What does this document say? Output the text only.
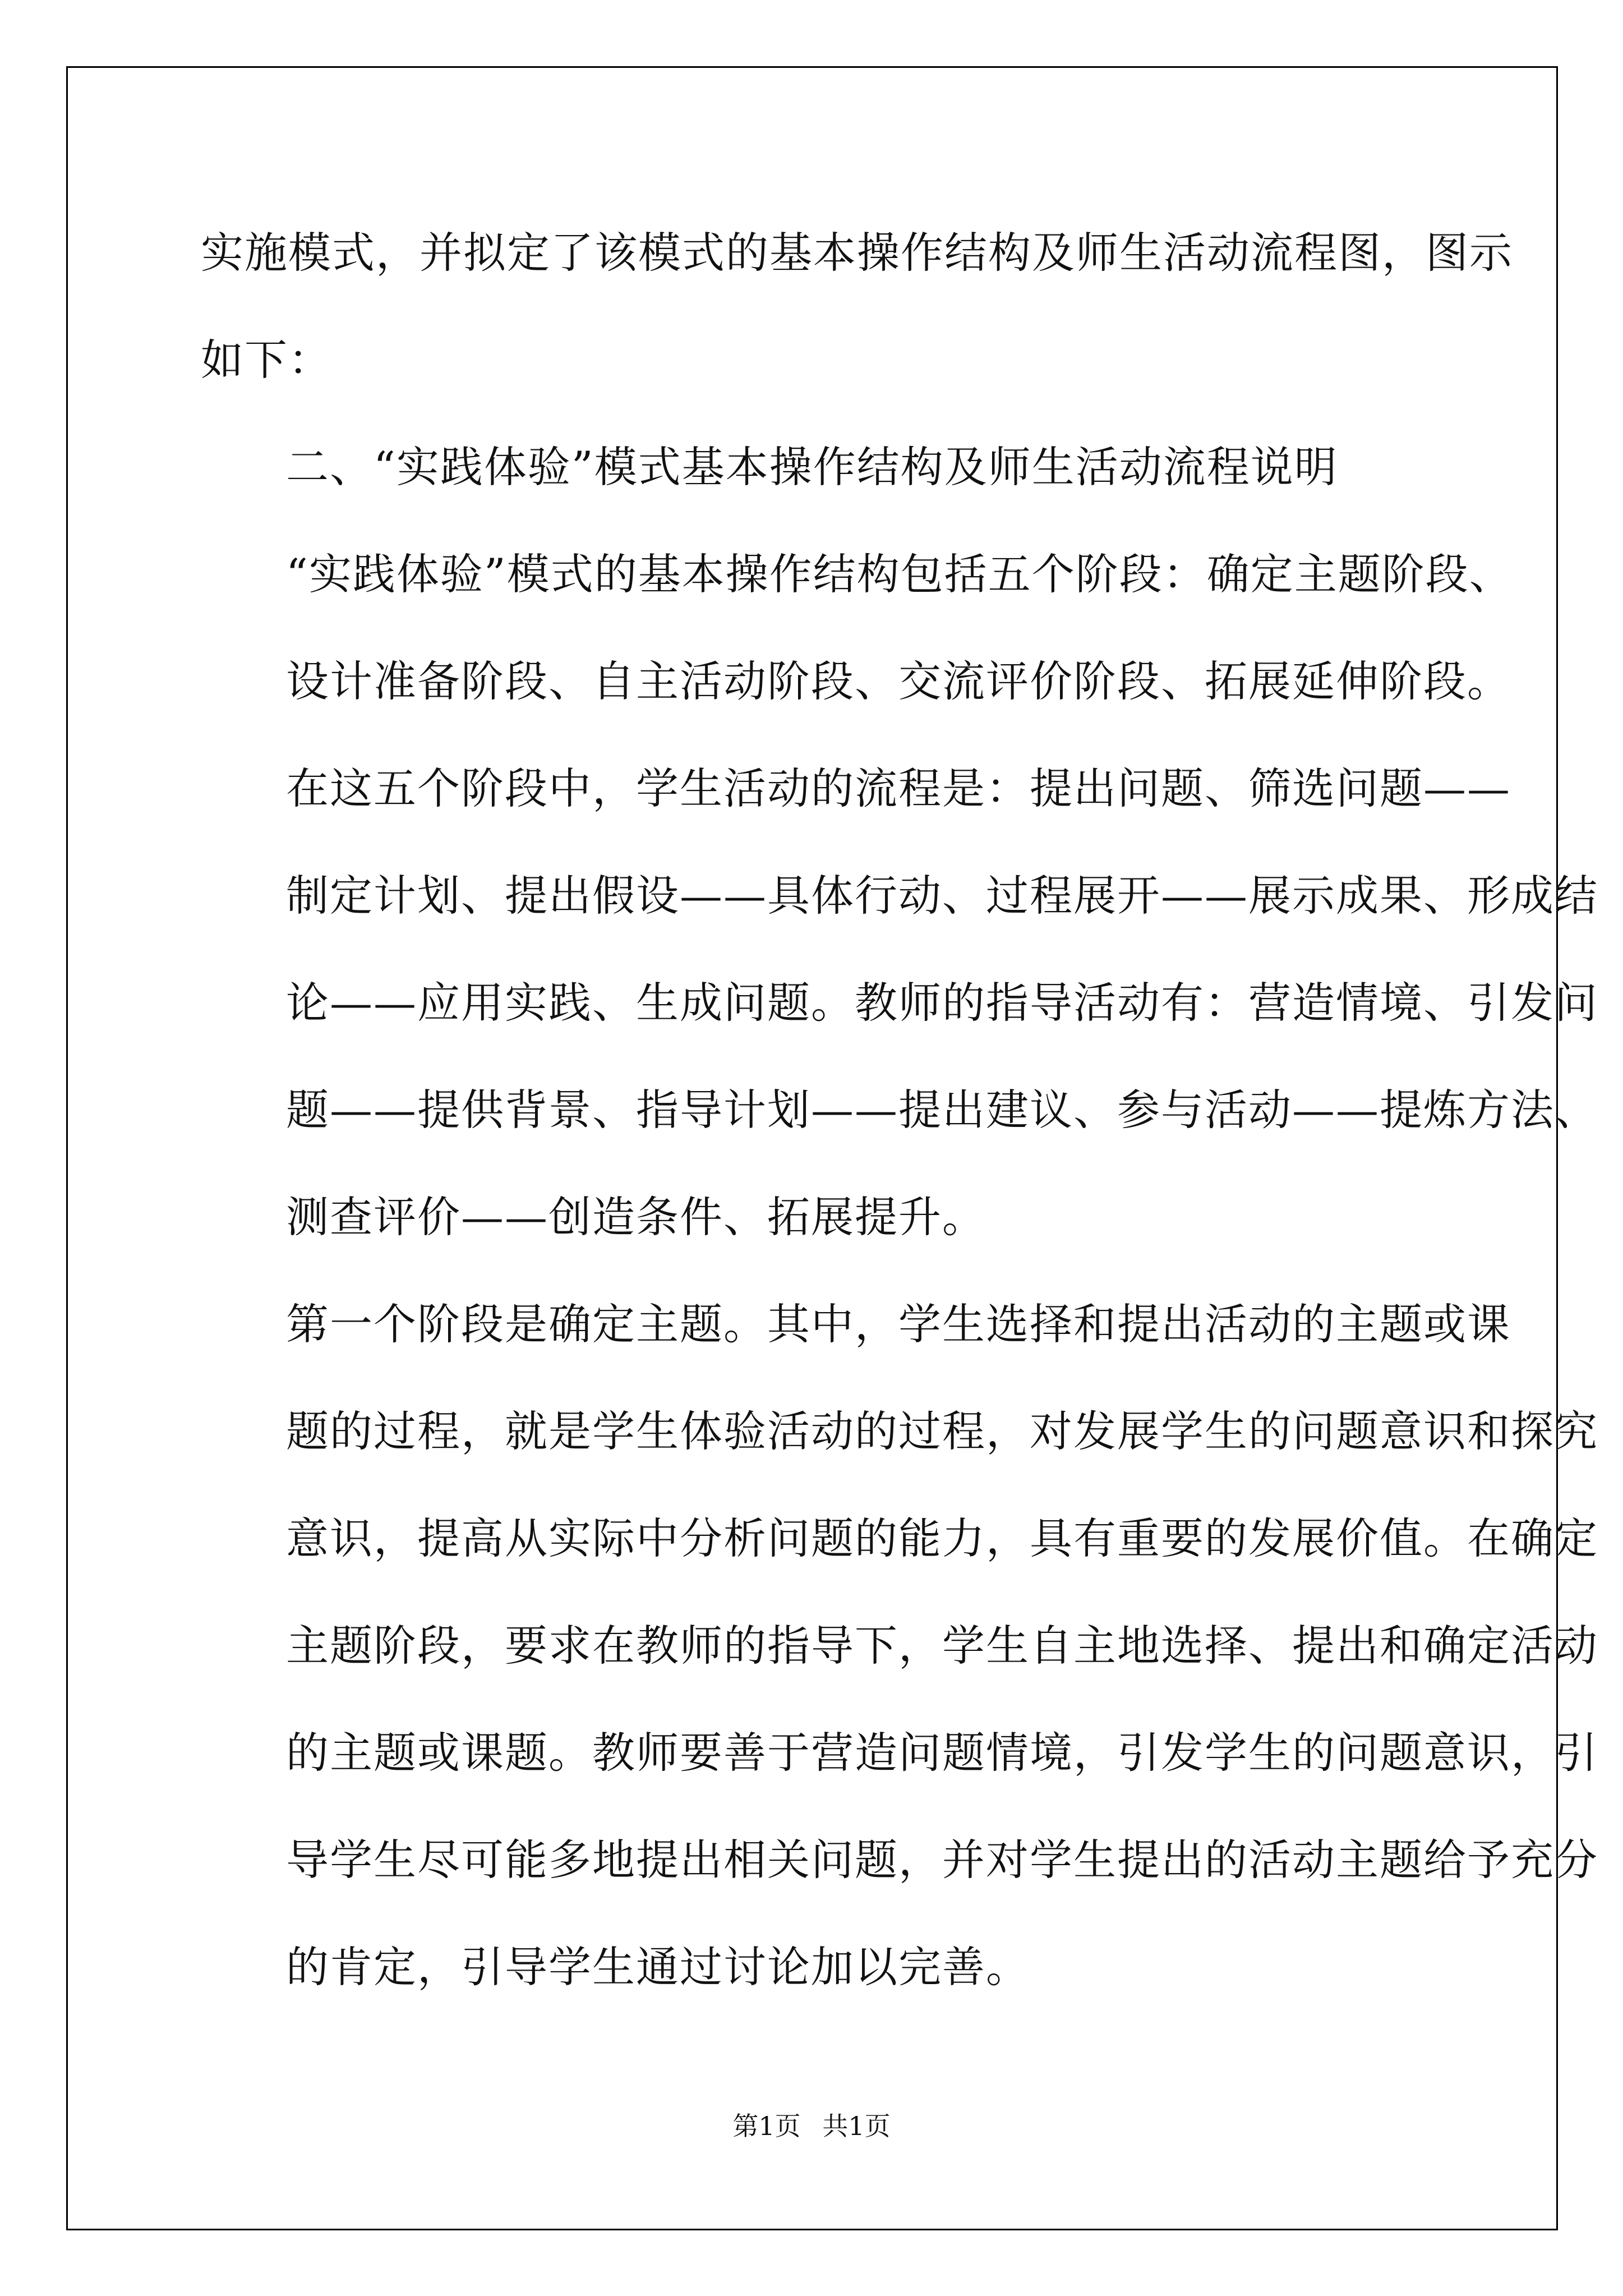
实施模式，并拟定了该模式的基本操作结构及师生活动流程图，图示
如下：

二、“实践体验”模式基本操作结构及师生活动流程说明

“实践体验”模式的基本操作结构包括五个阶段：确定主题阶段、
设计准备阶段、自主活动阶段、交流评价阶段、拓展延伸阶段。

在这五个阶段中，学生活动的流程是：提出问题、筛选问题——
制定计划、提出假设——具体行动、过程展开——展示成果、形成结
论——应用实践、生成问题。教师的指导活动有：营造情境、引发问
题——提供背景、指导计划——提出建议、参与活动——提炼方法、
测查评价——创造条件、拓展提升。

第一个阶段是确定主题。其中，学生选择和提出活动的主题或课
题的过程，就是学生体验活动的过程，对发展学生的问题意识和探究
意识，提高从实际中分析问题的能力，具有重要的发展价值。在确定
主题阶段，要求在教师的指导下，学生自主地选择、提出和确定活动
的主题或课题。教师要善于营造问题情境，引发学生的问题意识，引
导学生尽可能多地提出相关问题，并对学生提出的活动主题给予充分
的肯定，引导学生通过讨论加以完善。

第1页 共1页
